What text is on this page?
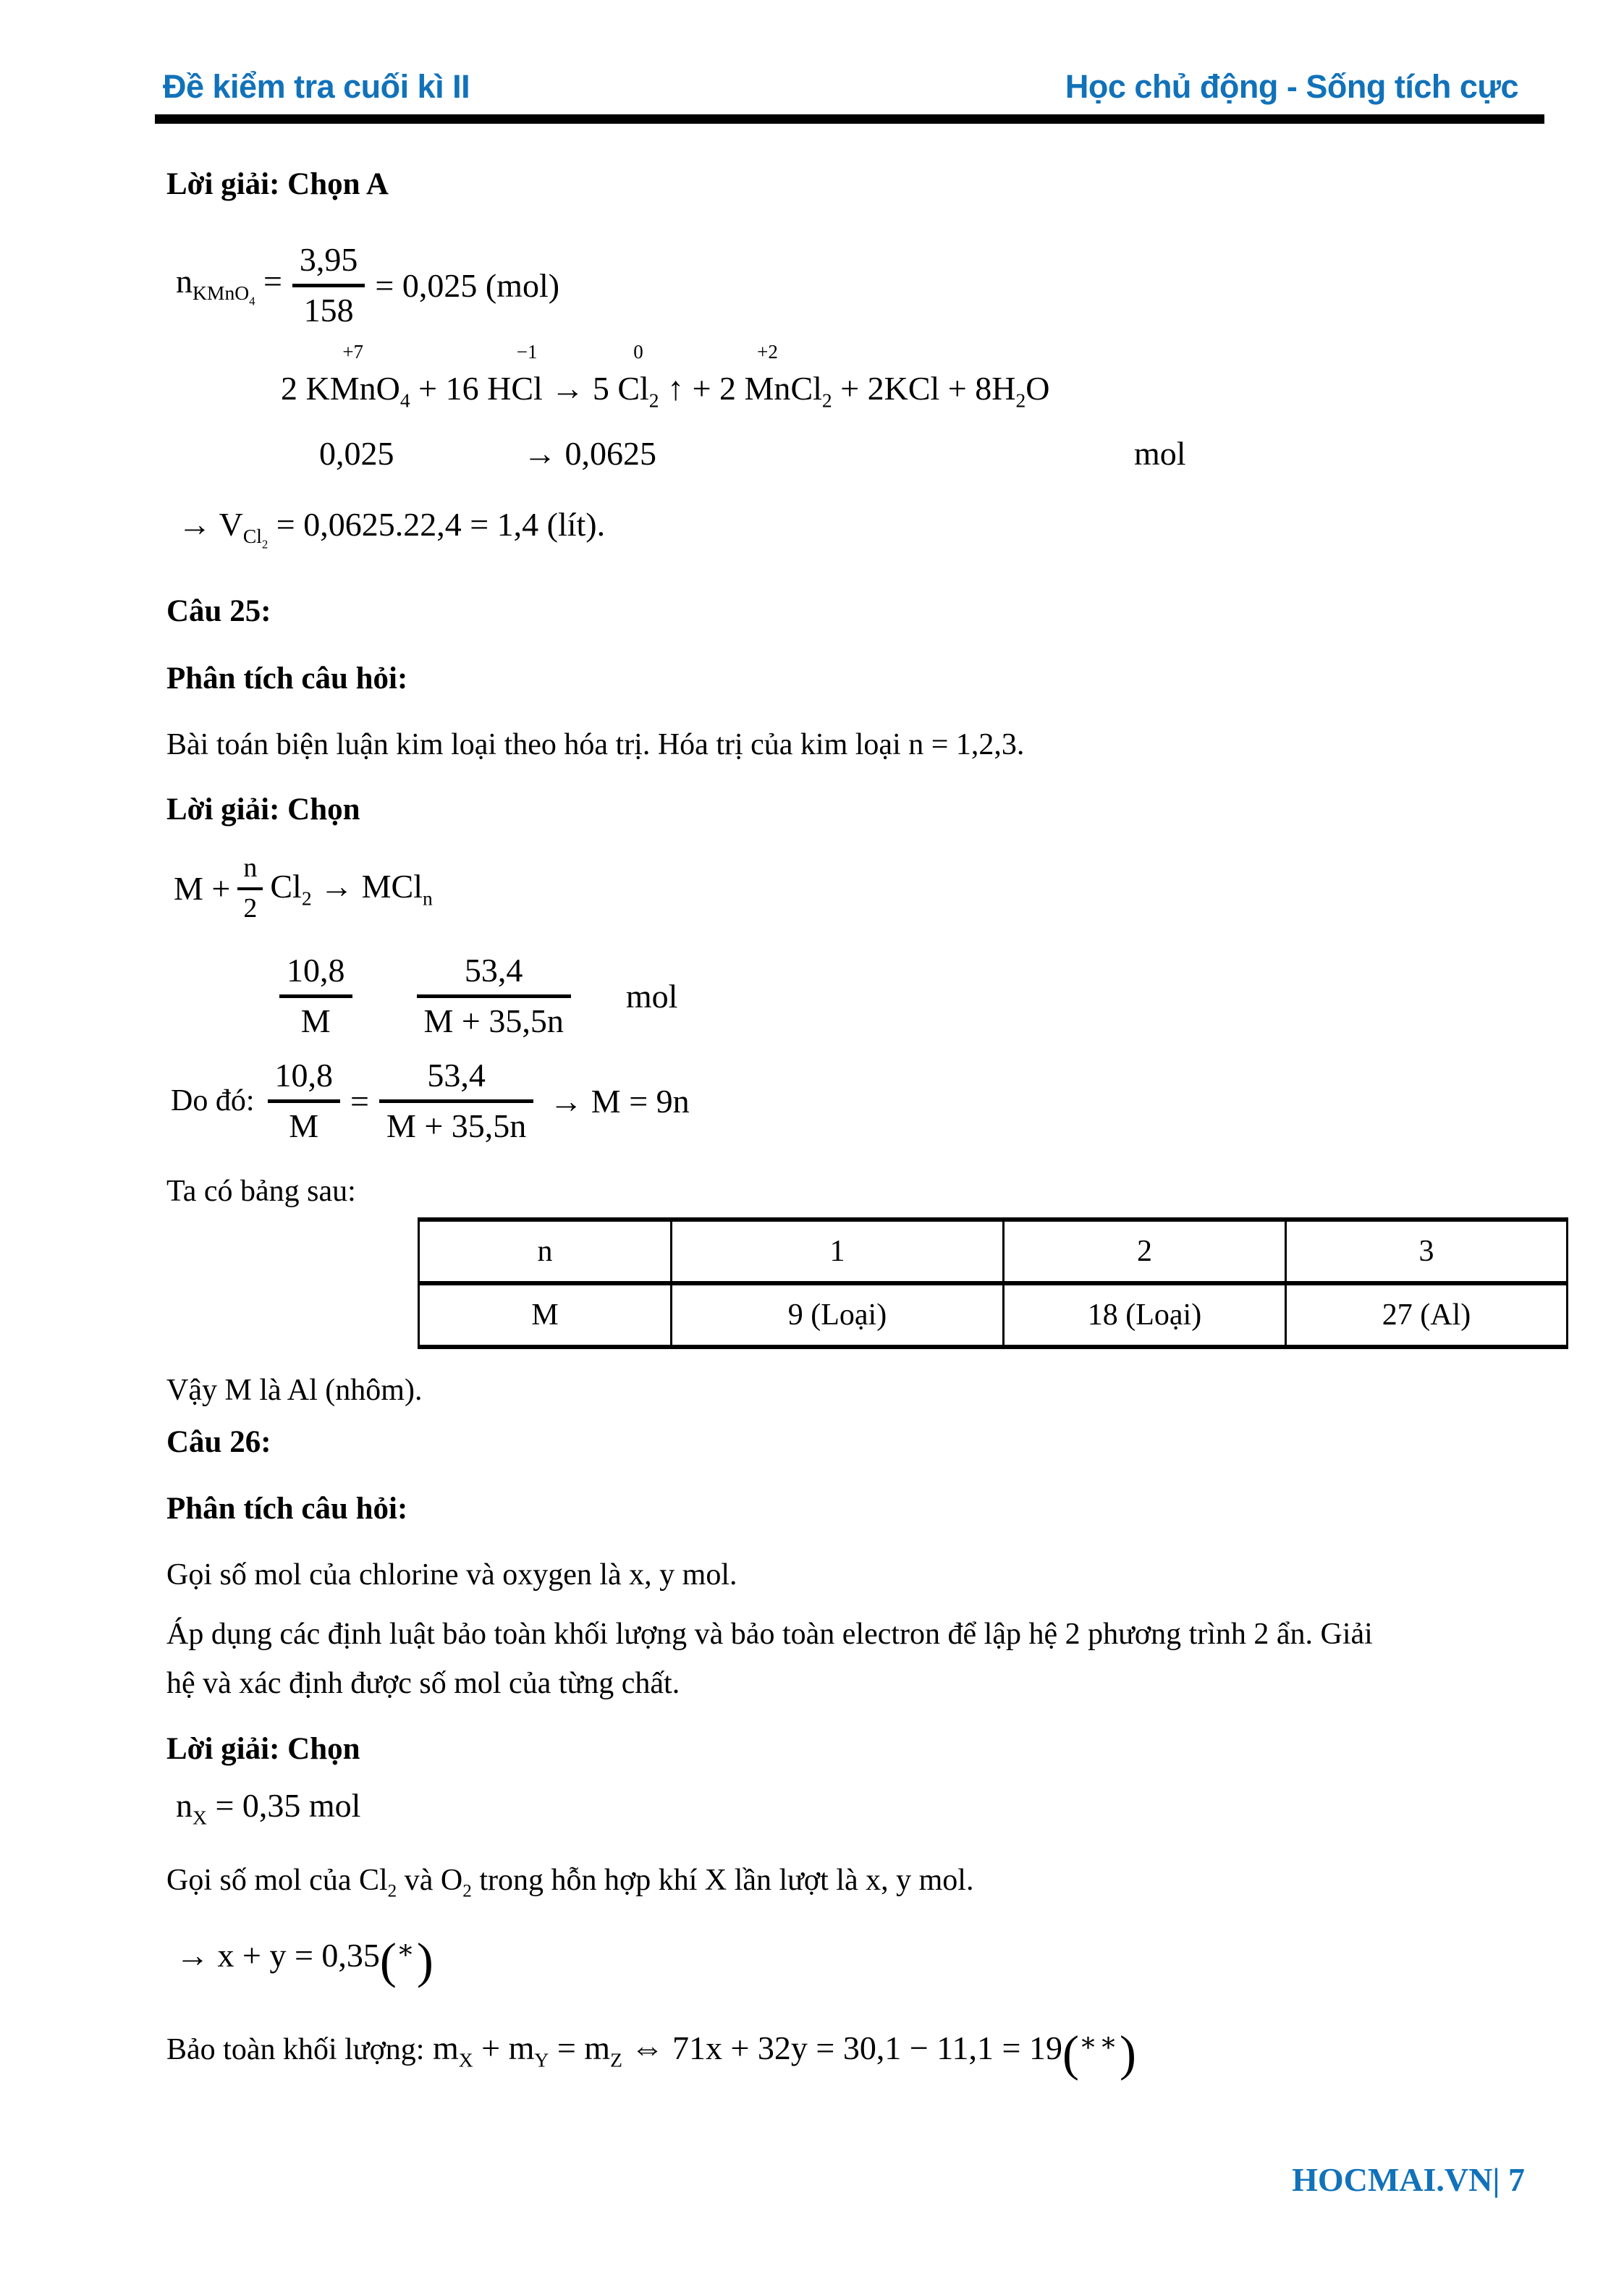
Đề kiểm tra cuối kì II	Học chủ động - Sống tích cực
Lời giải: Chọn A
$n_{KMnO_4} = \frac{3,95}{158} = 0,025$ (mol)
2 K
+7
Mn
$O_4$
+ 16 H
−1
Cl
→ 5
0
$Cl_2$
↑
+ 2
+2
Mn
$Cl_2$
+ $2KCl + 8H_2$
O
0,025	→ 0,0625	mol
→ $V_{Cl_2} = 0,0625.22,4 = 1,4$ (lít).
Câu 25:
Phân tích câu hỏi:
Bài toán biện luận kim loại theo hóa trị. Hóa trị của kim loại n = 1,2,3.
Lời giải: Chọn
$M + \frac{n}{2} Cl_2 \to MCl_n$
$\frac{10,8}{M} \frac{53,4}{M + 35,5n}$ mol
Do đó: $\frac{10,8}{M} = \frac{53,4}{M + 35,5n} \to M = 9n$
Ta có bảng sau:
n	1	2	3
M	9 (Loại)	18 (Loại)	27 (Al)
Vậy M là Al (nhôm).
Câu 26:
Phân tích câu hỏi:
Gọi số mol của chlorine và oxygen là x, y mol.
Áp dụng các định luật bảo toàn khối lượng và bảo toàn electron để lập hệ 2 phương trình 2 ẩn. Giải
hệ và xác định được số mol của từng chất.
Lời giải: Chọn
$n_X = 0,35$ mol
Gọi số mol của $Cl_2$ và $O_2$ trong hỗn hợp khí X lần lượt là x, y mol.
→ x + y = 0,35(∗)
Bảo toàn khối lượng: $m_X + m_Y = m_Z$ ⇔ 71x + 32y = 30,1 − 11,1 = 19(∗∗)
HOCMAI.VN| 7
